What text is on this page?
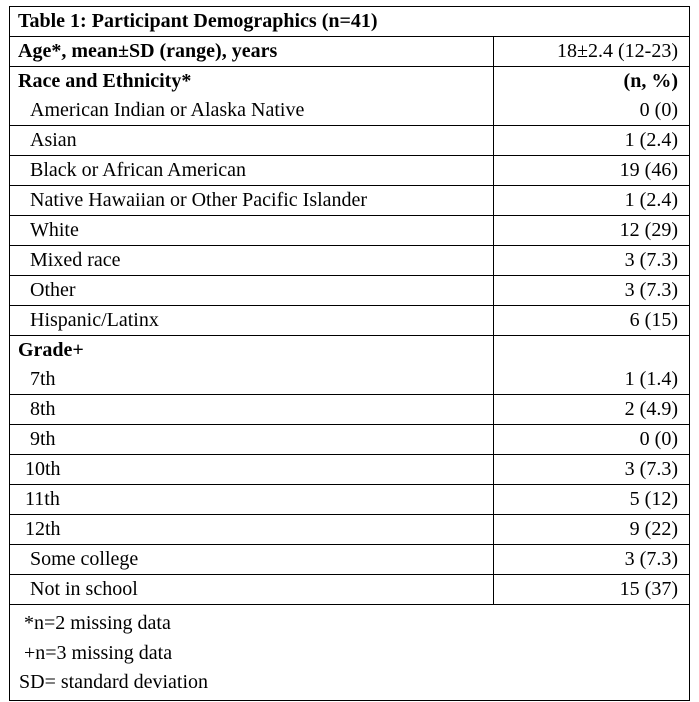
Table 1: Participant Demographics (n=41)
Age*, mean±SD (range), years	18±2.4 (12-23)
Race and Ethnicity*	(n, %)
American Indian or Alaska Native	0 (0)
Asian	1 (2.4)
Black or African American	19 (46)
Native Hawaiian or Other Pacific Islander	1 (2.4)
White	12 (29)
Mixed race	3 (7.3)
Other	3 (7.3)
Hispanic/Latinx	6 (15)
Grade+
7th	1 (1.4)
8th	2 (4.9)
9th	0 (0)
10th	3 (7.3)
11th	5 (12)
12th	9 (22)
Some college	3 (7.3)
Not in school	15 (37)
*n=2 missing data
+n=3 missing data
SD= standard deviation
